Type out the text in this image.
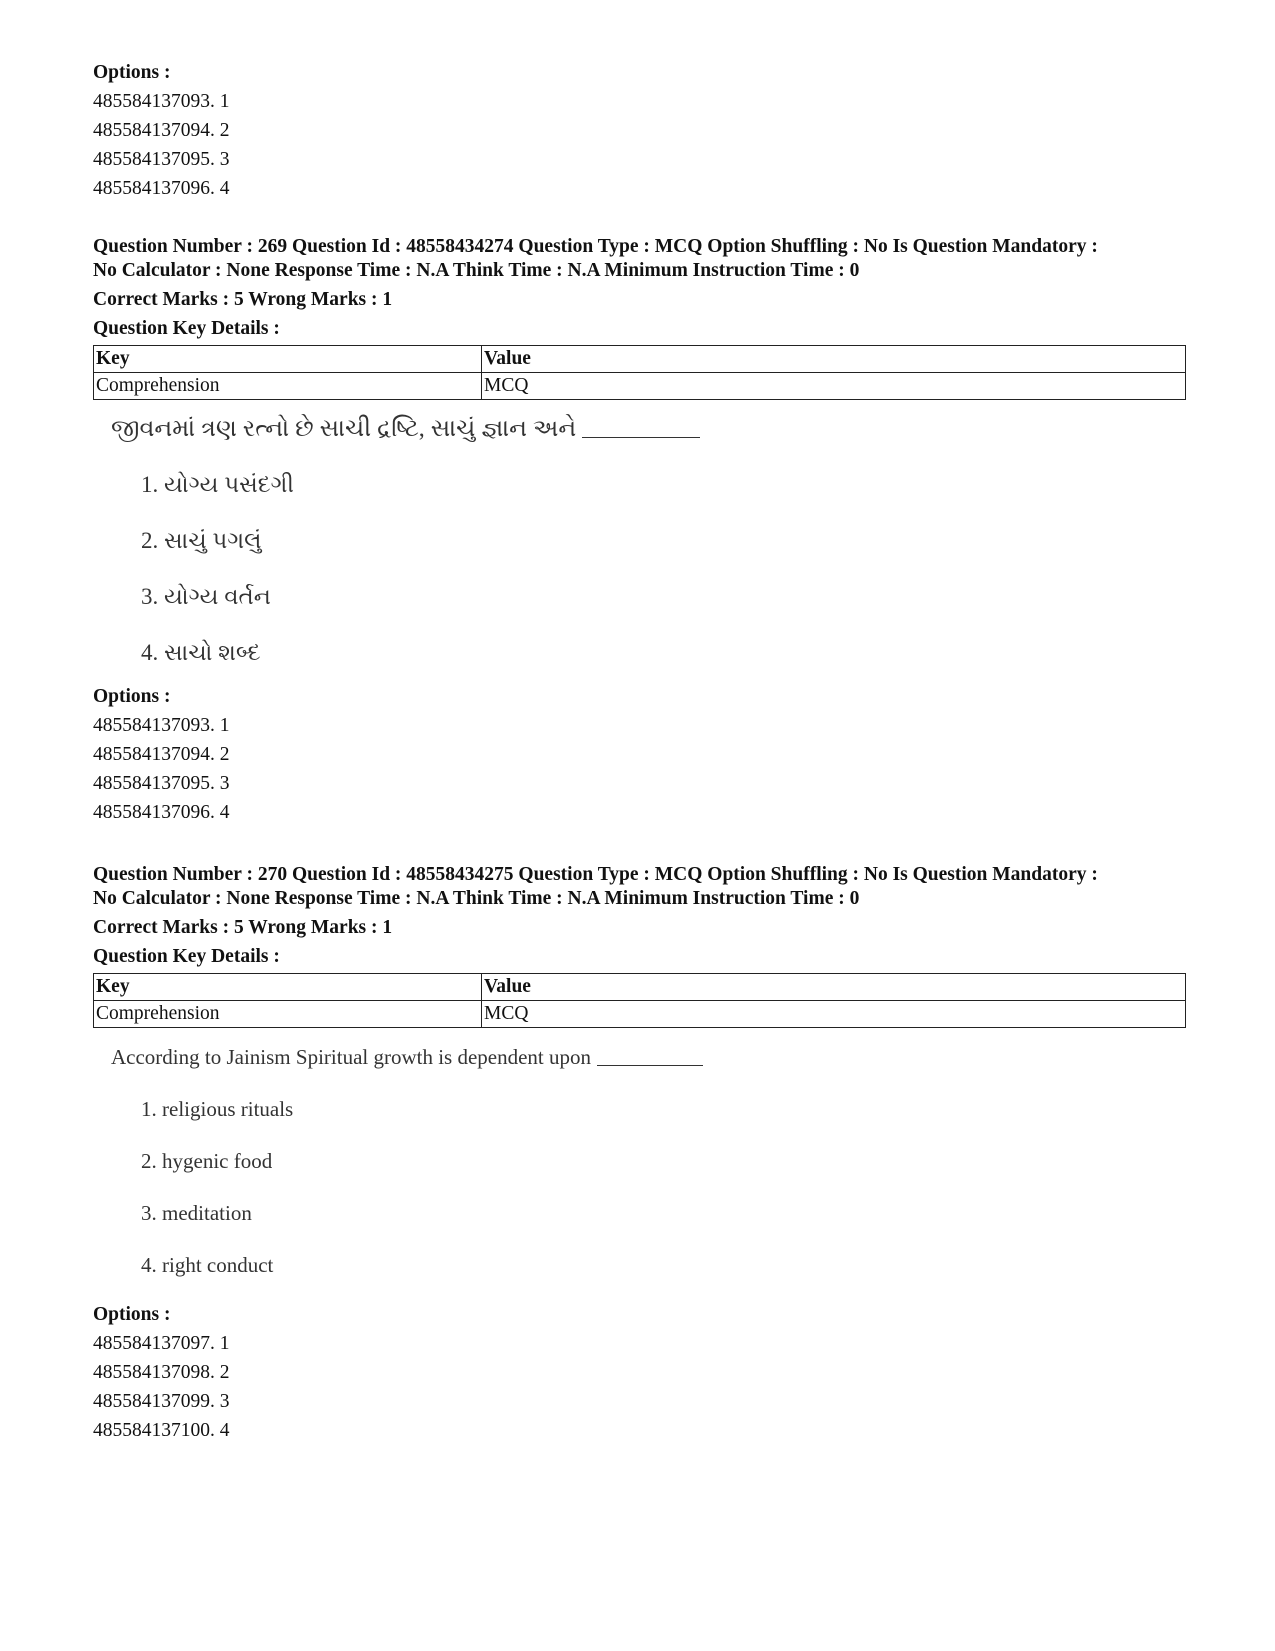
Options :
485584137093. 1
485584137094. 2
485584137095. 3
485584137096. 4
Question Number : 269 Question Id : 48558434274 Question Type : MCQ Option Shuffling : No Is Question Mandatory :
No Calculator : None Response Time : N.A Think Time : N.A Minimum Instruction Time : 0
Correct Marks : 5 Wrong Marks : 1
Question Key Details :
Key	Value
Comprehension	MCQ
જીવનમાં ત્રણ રત્નો છે સાચી દ્રષ્ટિ, સાચું જ્ઞાન અને
1. યોગ્ય પસંદગી
2. સાચું પગલું
3. યોગ્ય વર્તન
4. સાચો શબ્દ
Options :
485584137093. 1
485584137094. 2
485584137095. 3
485584137096. 4
Question Number : 270 Question Id : 48558434275 Question Type : MCQ Option Shuffling : No Is Question Mandatory :
No Calculator : None Response Time : N.A Think Time : N.A Minimum Instruction Time : 0
Correct Marks : 5 Wrong Marks : 1
Question Key Details :
Key	Value
Comprehension	MCQ
According to Jainism Spiritual growth is dependent upon
1. religious rituals
2. hygenic food
3. meditation
4. right conduct
Options :
485584137097. 1
485584137098. 2
485584137099. 3
485584137100. 4
